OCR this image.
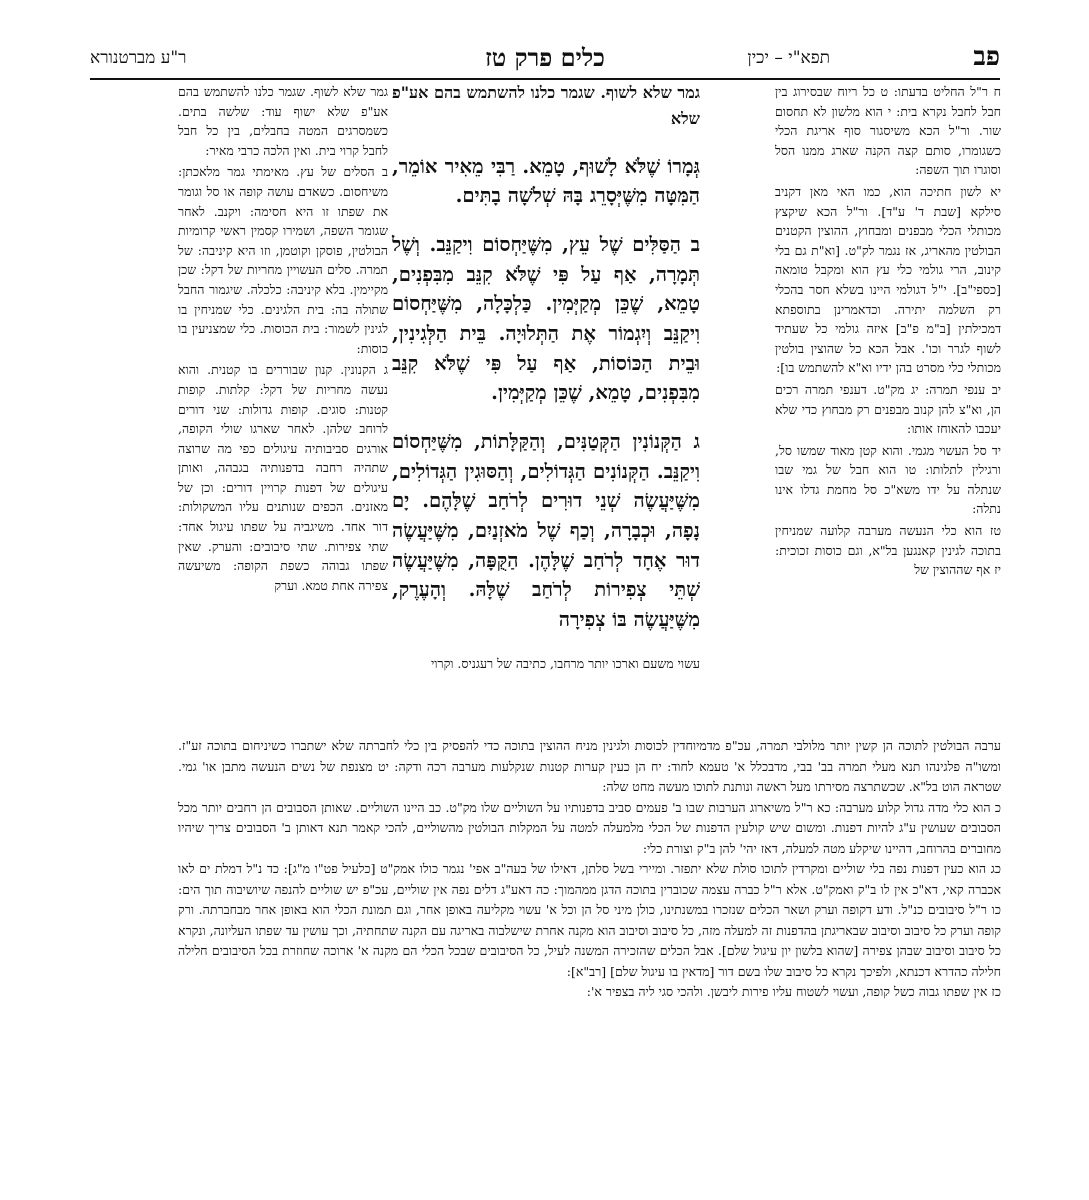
פב
תפא"י – יכין
כלים פרק טז
ר"ע מברטנורא

ח ר"ל החליט בדעתו: ט כל ריוח שבסירוג בין חבל לחבל נקרא בית: י הוא מלשון לא תחסום שור. ור"ל הכא משיסגור סוף אריגת הכלי כשגומרו, סותם קצה הקנה שארג ממנו הסל וסוגרו תוך השפה:

יא לשון חתיכה הוא, כמו האי מאן דקניב סילקא [שבת ד' ע"ד]. ור"ל הכא שיקצץ מכותלי הכלי מבפנים ומבחוץ, ההוצין הקטנים הבולטין מהאריג, אז נגמר לק"ט. [וא"ת גם בלי קינוב, הרי גולמי כלי עץ הוא ומקבל טומאה [כספי"ב]. י"ל דגולמי היינו בשלא חסר בהכלי רק השלמה יתירה. וכדאמרינן בתוספתא דמכילתין [ב"מ פ"ב] איזה גולמי כל שעתיד לשוף לגרר וכו'. אבל הכא כל שהוצין בולטין מכותלי כלי מסרט בהן ידיו וא"א להשתמש בו]:

יב ענפי תמרה: יג מק"ט. דענפי תמרה רכים הן, וא"צ להן קנוב מבפנים רק מבחוץ כדי שלא יעכבו להאוחז אותו:

יד סל העשוי מגמי. והוא קטן מאוד שמשו סל, ורגילין לתלותו: טו הוא חבל של גמי שבו שנתלה על ידו משא"כ סל מחמת גדלו אינו נתלה:

טז הוא כלי הנעשה מערבה קלועה שמניחין בתוכה לגינין קאנגען בל"א, וגם כוסות זכוכית: יז אף שההוצין של

גמר שלא לשוף. שגמר כלנו להשתמש בהם אע"פ שלא

גְּמָרוֹ שֶׁלֹּא לָשׁוּף, טָמֵא. רַבִּי מֵאִיר אוֹמֵר, הַמִּטָּה מִשֶּׁיְּסָרֵג בָּהּ שְׁלֹשָׁה בָתִּים.

ב הַסַּלִּים שֶׁל עֵץ, מִשֶּׁיַּחְסוֹם וִיקַנֵּב. וְשֶׁל תְּמָרָה, אַף עַל פִּי שֶׁלֹּא קִנֵּב מִבִּפְנִים, טָמֵא, שֶׁכֵּן מְקַיְּמִין. כַּלְכָּלָה, מִשֶּׁיַּחְסוֹם וִיקַנֵּב וְיִגְמוֹר אֶת הַתְּלוּיָה. בֵּית הַלְּגִינִין, וּבֵית הַכּוֹסוֹת, אַף עַל פִּי שֶׁלֹּא קִנֵּב מִבִּפְנִים, טָמֵא, שֶׁכֵּן מְקַיְּמִין.

ג הַקְּנוֹנִין הַקְּטַנִּים, וְהַקַּלָּתוֹת, מִשֶּׁיַּחְסוֹם וִיקַנֵּב. הַקְּנוֹנִים הַגְּדוֹלִים, וְהַסּוּגִין הַגְּדוֹלִים, מִשֶּׁיַּעֲשֶׂה שְׁנֵי דוּרִים לְרֹחַב שֶׁלָּהֶם. יָם נָפָה, וּכְבָרָה, וְכַף שֶׁל מֹאזְנַיִם, מִשֶּׁיַּעֲשֶׂה דוּר אֶחָד לְרֹחַב שֶׁלָּהֶן. הַקֻּפָּה, מִשֶּׁיַּעֲשֶׂה שְׁתֵּי צְפִירוֹת לְרֹחַב שֶׁלָּהּ. וְהָעֶרֶק, מִשֶּׁיַּעֲשֶׂה בּוֹ צְפִירָה

עשוי משעם וארכו יותר מרחבו, כתיבה של רעגניס. וקרוי

גמר שלא לשוף. שגמר כלנו להשתמש בהם אע"פ שלא ישוף עוד: שלשה בתים. כשמסרגים המטה בחבלים, בין כל חבל לחבל קרוי בית. ואין הלכה כרבי מאיר:

ב הסלים של עץ. מאימתי גמר מלאכתן: משיחסום. כשאדם עושה קופה או סל וגומר את שפתו זו היא חסימה: ויקנב. לאחר שגומר השפה, ושמירו קסמין ראשי קרומיות הבולטין, פוסקן וקוטמן, וזו היא קיניבה: של תמרה. סלים העשויין מחריות של דקל: שכן מקיימין. בלא קיניבה: כלכלה. שיגמור החבל שתולה בה: בית הלגינים. כלי שמניחין בו לגינין לשמור: בית הכוסות. כלי שמצניעין בו כוסות:

ג הקנונין. קנון שבוררים בו קטנית. והוא נעשה מחריות של דקל: קלתות. קופות קטנות: סוגים. קופות גדולות: שני דורים לרוחב שלהן. לאחר שארגו שולי הקופה, אורגים סביבותיה עיגולים כפי מה שרוצה שתהיה רחבה בדפנותיה בגבהה, ואותן עיגולים של דפנות קרויין דורים: וכן של מאזנים. הכפים שנותנים עליו המשקולות: דור אחד. משיגביה על שפתו עיגול אחד: שתי צפירות. שתי סיבובים: והערק. שאין שפתו גבוהה כשפת הקופה: משיעשה צפירה אחת טמא. וערק

ערבה הבולטין לתוכה הן קשין יותר מלולבי תמרה, עכ"פ מדמיוחדין לכוסות ולגינין מניח ההוצין בתוכה כדי להפסיק בין כלי לחברתה שלא ישתברו כשיניחום בתוכה זע"ז. ומשו"ה פלגינהו תנא מעלי תמרה בב' בבי, מדבכלל א' טעמא לחוד: יח הן כעין קערות קטנות שנקלעות מערבה רכה ודקה: יט מצנפת של נשים הנעשה מתבן או' גמי. שטראה הוט בל"א. שכשתרצה מסירתו מעל ראשה ונותנת לתוכו מעשה מחט שלה:

כ הוא כלי מדה גדול קלוע מערבה: כא ר"ל משיארוג הערבות שבו ב' פעמים סביב בדפנותיו על השוליים שלו מק"ט. כב היינו השוליים. שאותן הסבובים הן רחבים יותר מכל הסבובים שעושין ע"ג להיות דפנות. ומשום שיש קולעין הדפנות של הכלי מלמעלה למטה על המקלות הבולטין מהשוליים, להכי קאמר תנא דאותן ב' הסבובים צריך שיהיו מחוברים בהרוחב, דהיינו שיקלע מטה למעלה, דאז יהי' להן ב"ק וצורת כלי:

כג הוא כעין דפנות נפה בלי שוליים ומקרדין לתוכו סולת שלא יתפזר. ומיירי בשל סלתן, דאילו של בעה"ב אפי' נגמר כולו אמק"ט [כלעיל פט"ו מ"ג]: כד נ"ל דמלת ים לאו אכברה קאי, דא"כ אין לו ב"ק ואמק"ט. אלא ר"ל כברה עצמה שכוברין בתוכה הדגן ממהמוך: כה דאע"ג דלים נפה אין שוליים, עכ"פ יש שוליים להנפה שיושיבוה תוך הים: כו ר"ל סיבובים כנ"ל. ודע דקופה וערק ושאר הכלים שנזכרו במשנתינו, כולן מיני סל הן וכל א' עשוי מקליעה באופן אחר, וגם תמונת הכלי הוא באופן אחר מבחברתה. ורק קופה וערק כל סיבוב וסיבוב שבאריגתן בהדפנות זה למעלה מזה, כל סיבוב וסיבוב הוא מקנה אחרת שישלבוה באריגה עם הקנה שתחתיה, וכך עושין עד שפתו העליונה, ונקרא כל סיבוב וסיבוב שבהן צפירה [שהוא בלשון יון עיגול שלם]. אבל הכלים שהזכירה המשנה לעיל, כל הסיבובים שבכל הכלי הם מקנה א' ארוכה שחוזרת בכל הסיבובים חלילה חלילה כהדרא דכנתא, ולפיכך נקרא כל סיבוב שלו בשם דור [מדאין בו עיגול שלם] [רב"א]:

כז אין שפתו גבוה כשל קופה, ועשוי לשטוח עליו פירות ליבשן. ולהכי סגי ליה בצפיר א':
